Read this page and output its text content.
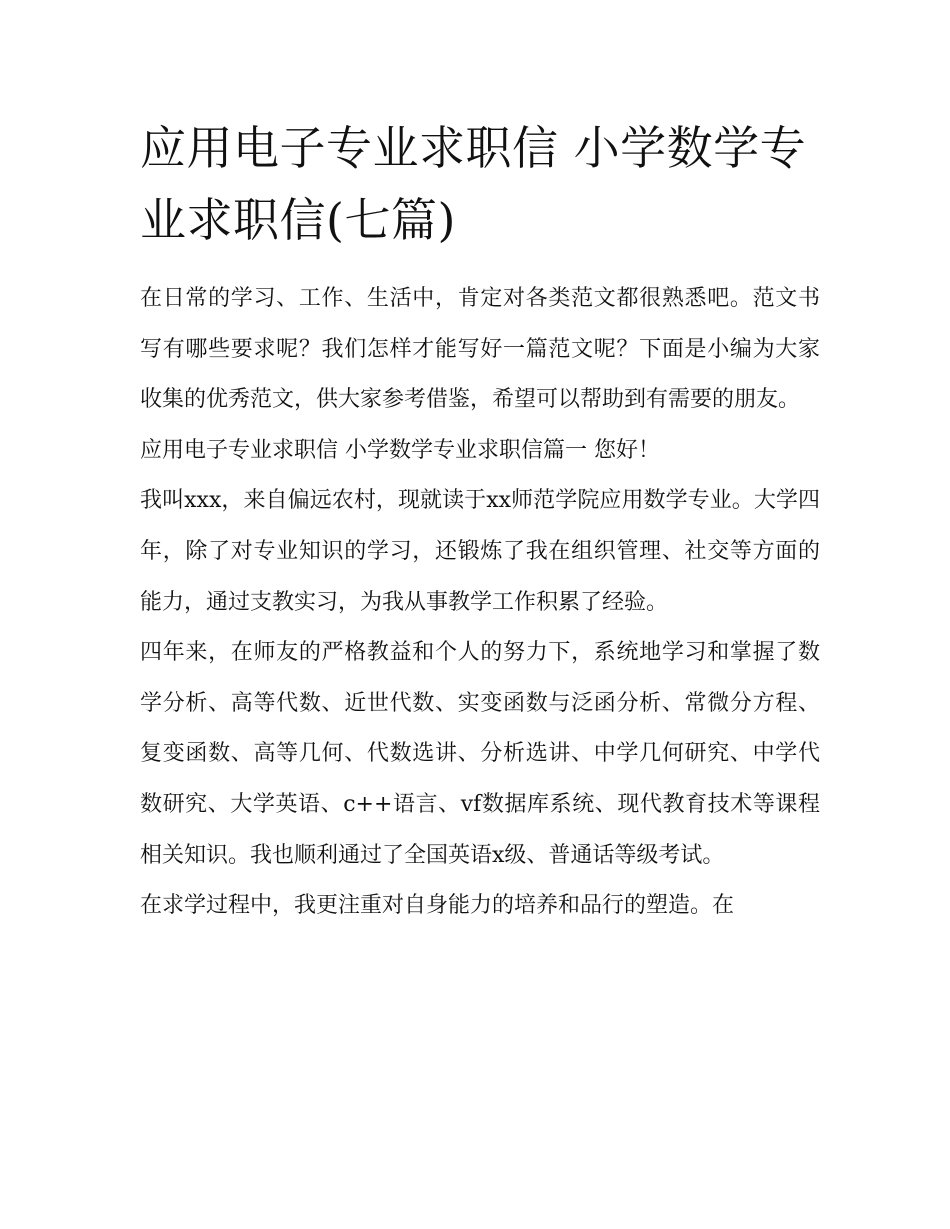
应用电子专业求职信 小学数学专业求职信(七篇)

在日常的学习、工作、生活中，肯定对各类范文都很熟悉吧。范文书写有哪些要求呢？我们怎样才能写好一篇范文呢？下面是小编为大家收集的优秀范文，供大家参考借鉴，希望可以帮助到有需要的朋友。

应用电子专业求职信 小学数学专业求职信篇一 您好！

我叫xxx，来自偏远农村，现就读于xx师范学院应用数学专业。大学四年，除了对专业知识的学习，还锻炼了我在组织管理、社交等方面的能力，通过支教实习，为我从事教学工作积累了经验。

四年来，在师友的严格教益和个人的努力下，系统地学习和掌握了数学分析、高等代数、近世代数、实变函数与泛函分析、常微分方程、复变函数、高等几何、代数选讲、分析选讲、中学几何研究、中学代数研究、大学英语、c++语言、vf数据库系统、现代教育技术等课程相关知识。我也顺利通过了全国英语x级、普通话等级考试。

在求学过程中，我更注重对自身能力的培养和品行的塑造。在
